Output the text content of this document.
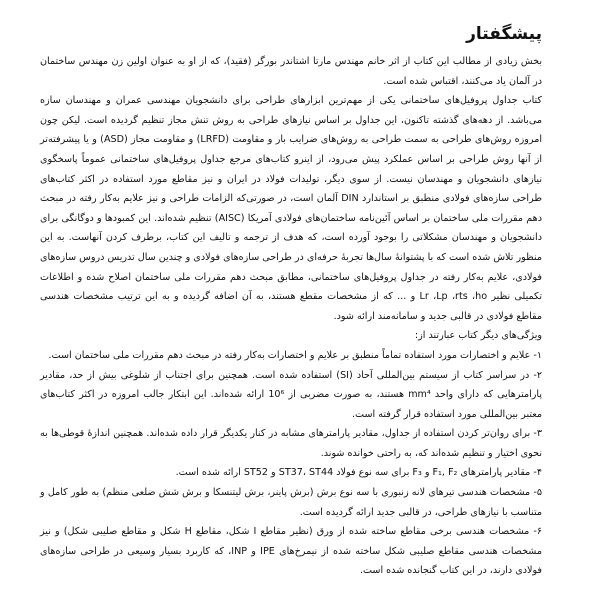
پیشگفتار

بخش زیادی از مطالب این کتاب از اثر خانم مهندس مارتا اشتاندر بورگر (فقید)، که از او به عنوان اولین زن مهندس ساختمان در آلمان یاد می‌کنند، اقتباس شده است.

کتاب جداول پروفیل‌های ساختمانی یکی از مهم‌ترین ابزارهای طراحی برای دانشجویان مهندسی عمران و مهندسان سازه می‌باشد. از دهه‌های گذشته تاکنون، این جداول بر اساس نیازهای طراحی به روش تنش مجاز تنظیم گردیده است. لیکن چون امروزه روش‌های طراحی به سمت طراحی به روش‌های ضرایب بار و مقاومت (LRFD) و مقاومت مجاز (ASD) و یا پیشرفته‌تر از آنها روش طراحی بر اساس عملکرد پیش می‌رود، از اینرو کتاب‌های مرجع جداول پروفیل‌های ساختمانی عموماً پاسخگوی نیازهای دانشجویان و مهندسان نیست. از سوی دیگر، تولیدات فولاد در ایران و نیز مقاطع مورد استفاده در اکثر کتاب‌های طراحی سازه‌های فولادی منطبق بر استاندارد DIN آلمان است، در صورتی‌که الزامات طراحی و نیز علایم به‌کار رفته در مبحث دهم مقررات ملی ساختمان بر اساس آئین‌نامه ساختمان‌های فولادی آمریکا (AISC) تنظیم شده‌اند. این کمبودها و دوگانگی برای دانشجویان و مهندسان مشکلاتی را بوجود آورده است، که هدف از ترجمه و تالیف این کتاب، برطرف کردن آنهاست. به این منظور تلاش شده است که با پشتوانۀ سال‌ها تجربۀ حرفه‌ای در طراحی سازه‌های فولادی و چندین سال تدریس دروس سازه‌های فولادی، علایم به‌کار رفته در جداول پروفیل‌های ساختمانی، مطابق مبحث دهم مقررات ملی ساختمان اصلاح شده و اطلاعات تکمیلی نظیر Lr ،Lp ،rts ،ho و ... که از مشخصات مقطع هستند، به آن اضافه گردیده و به این ترتیب مشخصات هندسی مقاطع فولادی در قالبی جدید و سامانه‌مند ارائه شود.

ویژگی‌های دیگر کتاب عبارتند از:

۱- علایم و اختصارات مورد استفاده تماماً منطبق بر علایم و اختصارات به‌کار رفته در مبحث دهم مقررات ملی ساختمان است.
۲- در سراسر کتاب از سیستم بین‌المللی آحاد (SI) استفاده شده است. همچنین برای اجتناب از شلوغی بیش از حد، مقادیر پارامترهایی که دارای واحد mm⁴ هستند، به صورت مضربی از 10⁶ ارائه شده‌اند. این ابتکار جالب امروزه در اکثر کتاب‌های معتبر بین‌المللی مورد استفاده قرار گرفته است.
۳- برای روان‌تر کردن استفاده از جداول، مقادیر پارامترهای مشابه در کنار یکدیگر قرار داده شده‌اند. همچنین اندازۀ قوطی‌ها به نحوی اختیار و تنظیم شده‌اند که، به راحتی خوانده شوند.
۴- مقادیر پارامترهای F₁, F₂ و F₃ برای سه نوع فولاد ST37، ST44 و ST52 ارائه شده است.
۵- مشخصات هندسی تیرهای لانه زنبوری با سه نوع برش (برش پاینر، برش لیتنسکا و برش شش ضلعی منظم) به طور کامل و متناسب با نیازهای طراحی، در قالبی جدید ارائه گردیده است.
۶- مشخصات هندسی برخی مقاطع ساخته شده از ورق (نظیر مقاطع I شکل، مقاطع H شکل و مقاطع صلیبی شکل) و نیز مشخصات هندسی مقاطع صلیبی شکل ساخته شده از نیمرخ‌های IPE و INP، که کاربرد بسیار وسیعی در طراحی سازه‌های فولادی دارند، در این کتاب گنجانده شده است.
